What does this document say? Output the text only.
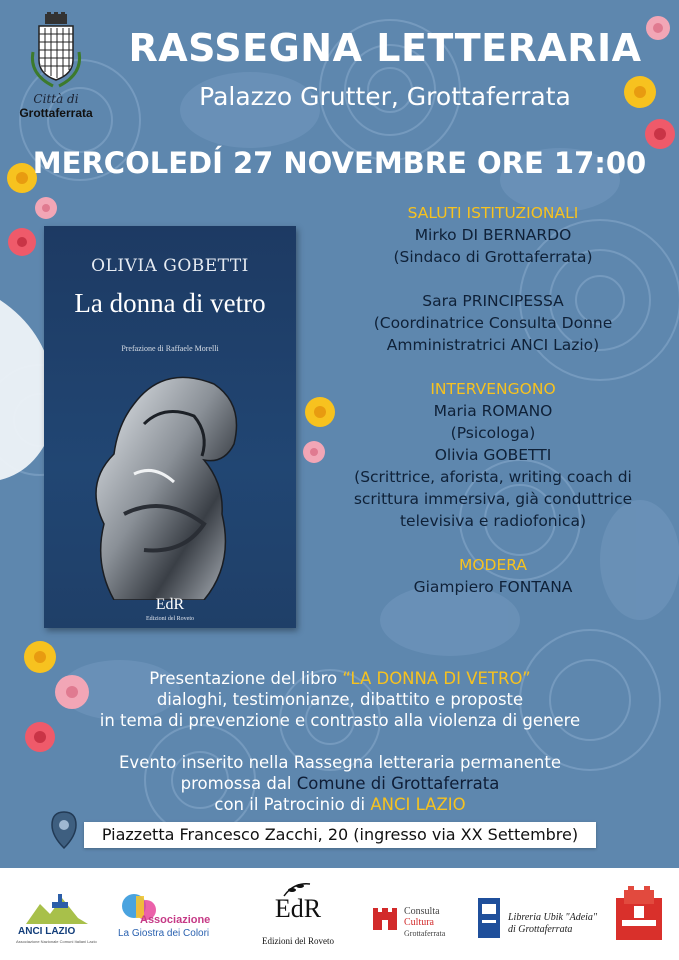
Città di
Grottaferrata
RASSEGNA LETTERARIA
Palazzo Grutter, Grottaferrata
MERCOLEDÍ 27 NOVEMBRE ORE 17:00
OLIVIA GOBETTI
La donna di vetro
Prefazione di Raffaele Morelli
EdR
Edizioni del Roveto
SALUTI ISTITUZIONALI
Mirko DI BERNARDO
(Sindaco di Grottaferrata)
Sara PRINCIPESSA
(Coordinatrice Consulta Donne
Amministratrici ANCI Lazio)
INTERVENGONO
Maria ROMANO
(Psicologa)
Olivia GOBETTI
(Scrittrice, aforista, writing coach di
scrittura immersiva, già conduttrice
televisiva e radiofonica)
MODERA
Giampiero FONTANA
Presentazione del libro “LA DONNA DI VETRO”
dialoghi, testimonianze, dibattito e proposte
in tema di prevenzione e contrasto alla violenza di genere
Evento inserito nella Rassegna letteraria permanente
promossa dal Comune di Grottaferrata
con il Patrocinio di ANCI LAZIO
Piazzetta Francesco Zacchi, 20 (ingresso via XX Settembre)
ANCI LAZIO
Associazione Nazionale Comuni Italiani Lazio
Associazione
La Giostra dei Colori
EdR
Edizioni del Roveto
Consulta
Cultura
Grottaferrata
Libreria Ubik "Adeia"
di Grottaferrata
